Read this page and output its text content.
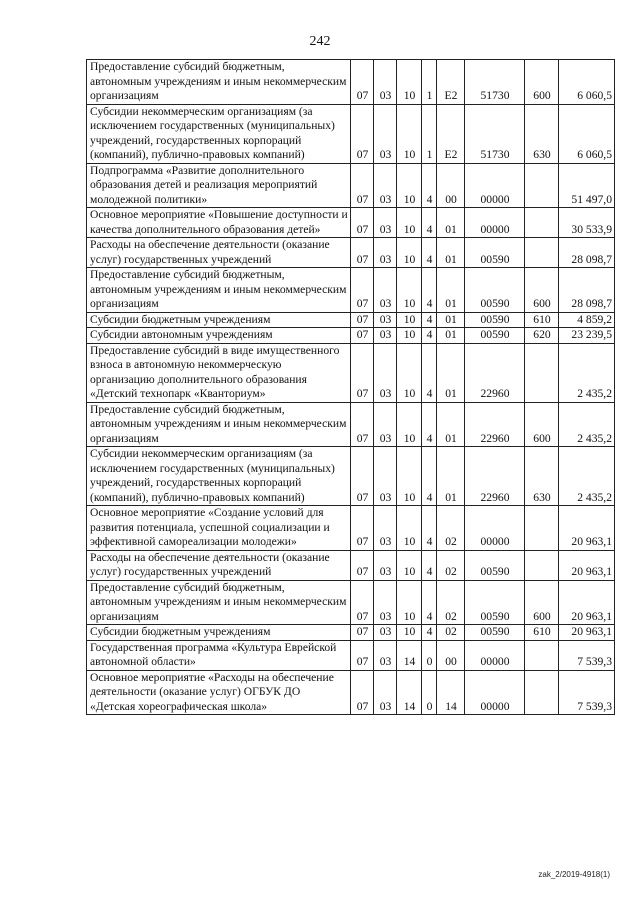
242
Предоставление субсидий бюджетным, автономным учреждениям и иным некоммерческим организациям	07	03	10	1	E2	51730	600	6 060,5
Субсидии некоммерческим организациям (за исключением государственных (муниципальных) учреждений, государственных корпораций (компаний), публично-правовых компаний)	07	03	10	1	E2	51730	630	6 060,5
Подпрограмма «Развитие дополнительного образования детей и реализация мероприятий молодежной политики»	07	03	10	4	00	00000		51 497,0
Основное мероприятие «Повышение доступности и качества дополнительного образования детей»	07	03	10	4	01	00000		30 533,9
Расходы на обеспечение деятельности (оказание услуг) государственных учреждений	07	03	10	4	01	00590		28 098,7
Предоставление субсидий бюджетным, автономным учреждениям и иным некоммерческим организациям	07	03	10	4	01	00590	600	28 098,7
Субсидии бюджетным учреждениям	07	03	10	4	01	00590	610	4 859,2
Субсидии автономным учреждениям	07	03	10	4	01	00590	620	23 239,5
Предоставление субсидий в виде имущественного взноса в автономную некоммерческую организацию дополнительного образования «Детский технопарк «Кванториум»	07	03	10	4	01	22960		2 435,2
Предоставление субсидий бюджетным, автономным учреждениям и иным некоммерческим организациям	07	03	10	4	01	22960	600	2 435,2
Субсидии некоммерческим организациям (за исключением государственных (муниципальных) учреждений, государственных корпораций (компаний), публично-правовых компаний)	07	03	10	4	01	22960	630	2 435,2
Основное мероприятие «Создание условий для развития потенциала, успешной социализации и эффективной самореализации молодежи»	07	03	10	4	02	00000		20 963,1
Расходы на обеспечение деятельности (оказание услуг) государственных учреждений	07	03	10	4	02	00590		20 963,1
Предоставление субсидий бюджетным, автономным учреждениям и иным некоммерческим организациям	07	03	10	4	02	00590	600	20 963,1
Субсидии бюджетным учреждениям	07	03	10	4	02	00590	610	20 963,1
Государственная программа «Культура Еврейской автономной области»	07	03	14	0	00	00000		7 539,3
Основное мероприятие «Расходы на обеспечение деятельности (оказание услуг) ОГБУК ДО «Детская хореографическая школа»	07	03	14	0	14	00000		7 539,3
zak_2/2019-4918(1)
